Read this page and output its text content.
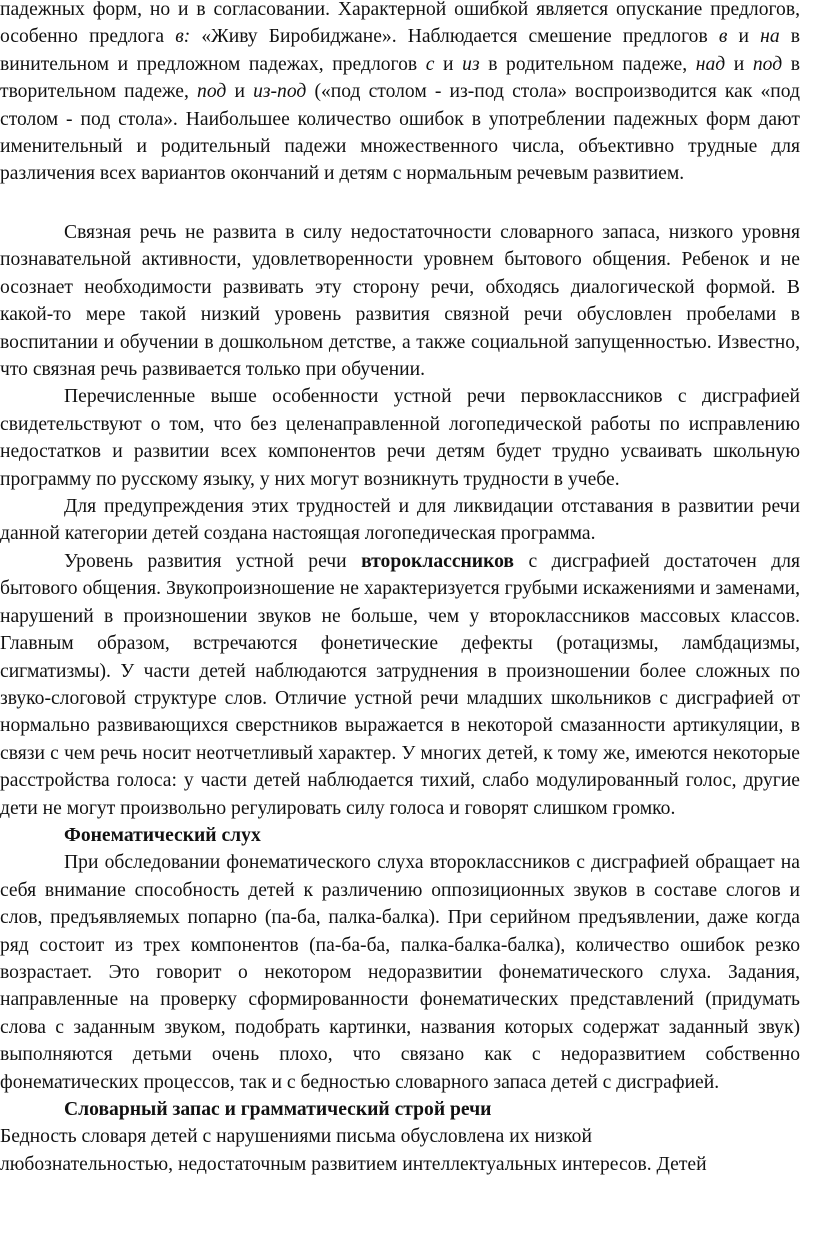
падежных форм, но и в согласовании. Характерной ошибкой является опускание предлогов, особенно предлога в: «Живу Биробиджане». Наблюдается смешение предлогов в и на в винительном и предложном падежах, предлогов с и из в родительном падеже, над и под в творительном падеже, под и из-под («под столом - из-под стола» воспроизводится как «под столом - под стола». Наибольшее количество ошибок в употреблении падежных форм дают именительный и родительный падежи множественного числа, объективно трудные для различения всех вариантов окончаний и детям с нормальным речевым развитием.

Связная речь не развита в силу недостаточности словарного запаса, низкого уровня познавательной активности, удовлетворенности уровнем бытового общения. Ребенок и не осознает необходимости развивать эту сторону речи, обходясь диалогической формой. В какой-то мере такой низкий уровень развития связной речи обусловлен пробелами в воспитании и обучении в дошкольном детстве, а также социальной запущенностью. Известно, что связная речь развивается только при обучении.

Перечисленные выше особенности устной речи первоклассников с дисграфией свидетельствуют о том, что без целенаправленной логопедической работы по исправлению недостатков и развитии всех компонентов речи детям будет трудно усваивать школьную программу по русскому языку, у них могут возникнуть трудности в учебе.

Для предупреждения этих трудностей и для ликвидации отставания в развитии речи данной категории детей создана настоящая логопедическая программа.

Уровень развития устной речи второклассников с дисграфией достаточен для бытового общения. Звукопроизношение не характеризуется грубыми искажениями и заменами, нарушений в произношении звуков не больше, чем у второклассников массовых классов. Главным образом, встречаются фонетические дефекты (ротацизмы, ламбдацизмы, сигматизмы). У части детей наблюдаются затруднения в произношении более сложных по звуко-слоговой структуре слов. Отличие устной речи младших школьников с дисграфией от нормально развивающихся сверстников выражается в некоторой смазанности артикуляции, в связи с чем речь носит неотчетливый характер. У многих детей, к тому же, имеются некоторые расстройства голоса: у части детей наблюдается тихий, слабо модулированный голос, другие дети не могут произвольно регулировать силу голоса и говорят слишком громко.

Фонематический слух

При обследовании фонематического слуха второклассников с дисграфией обращает на себя внимание способность детей к различению оппозиционных звуков в составе слогов и слов, предъявляемых попарно (па-ба, палка-балка). При серийном предъявлении, даже когда ряд состоит из трех компонентов (па-ба-ба, палка-балка-балка), количество ошибок резко возрастает. Это говорит о некотором недоразвитии фонематического слуха. Задания, направленные на проверку сформированности фонематических представлений (придумать слова с заданным звуком, подобрать картинки, названия которых содержат заданный звук) выполняются детьми очень плохо, что связано как с недоразвитием собственно фонематических процессов, так и с бедностью словарного запаса детей с дисграфией.

Словарный запас и грамматический строй речи

Бедность словаря детей с нарушениями письма обусловлена их низкой

любознательностью, недостаточным развитием интеллектуальных интересов. Детей
